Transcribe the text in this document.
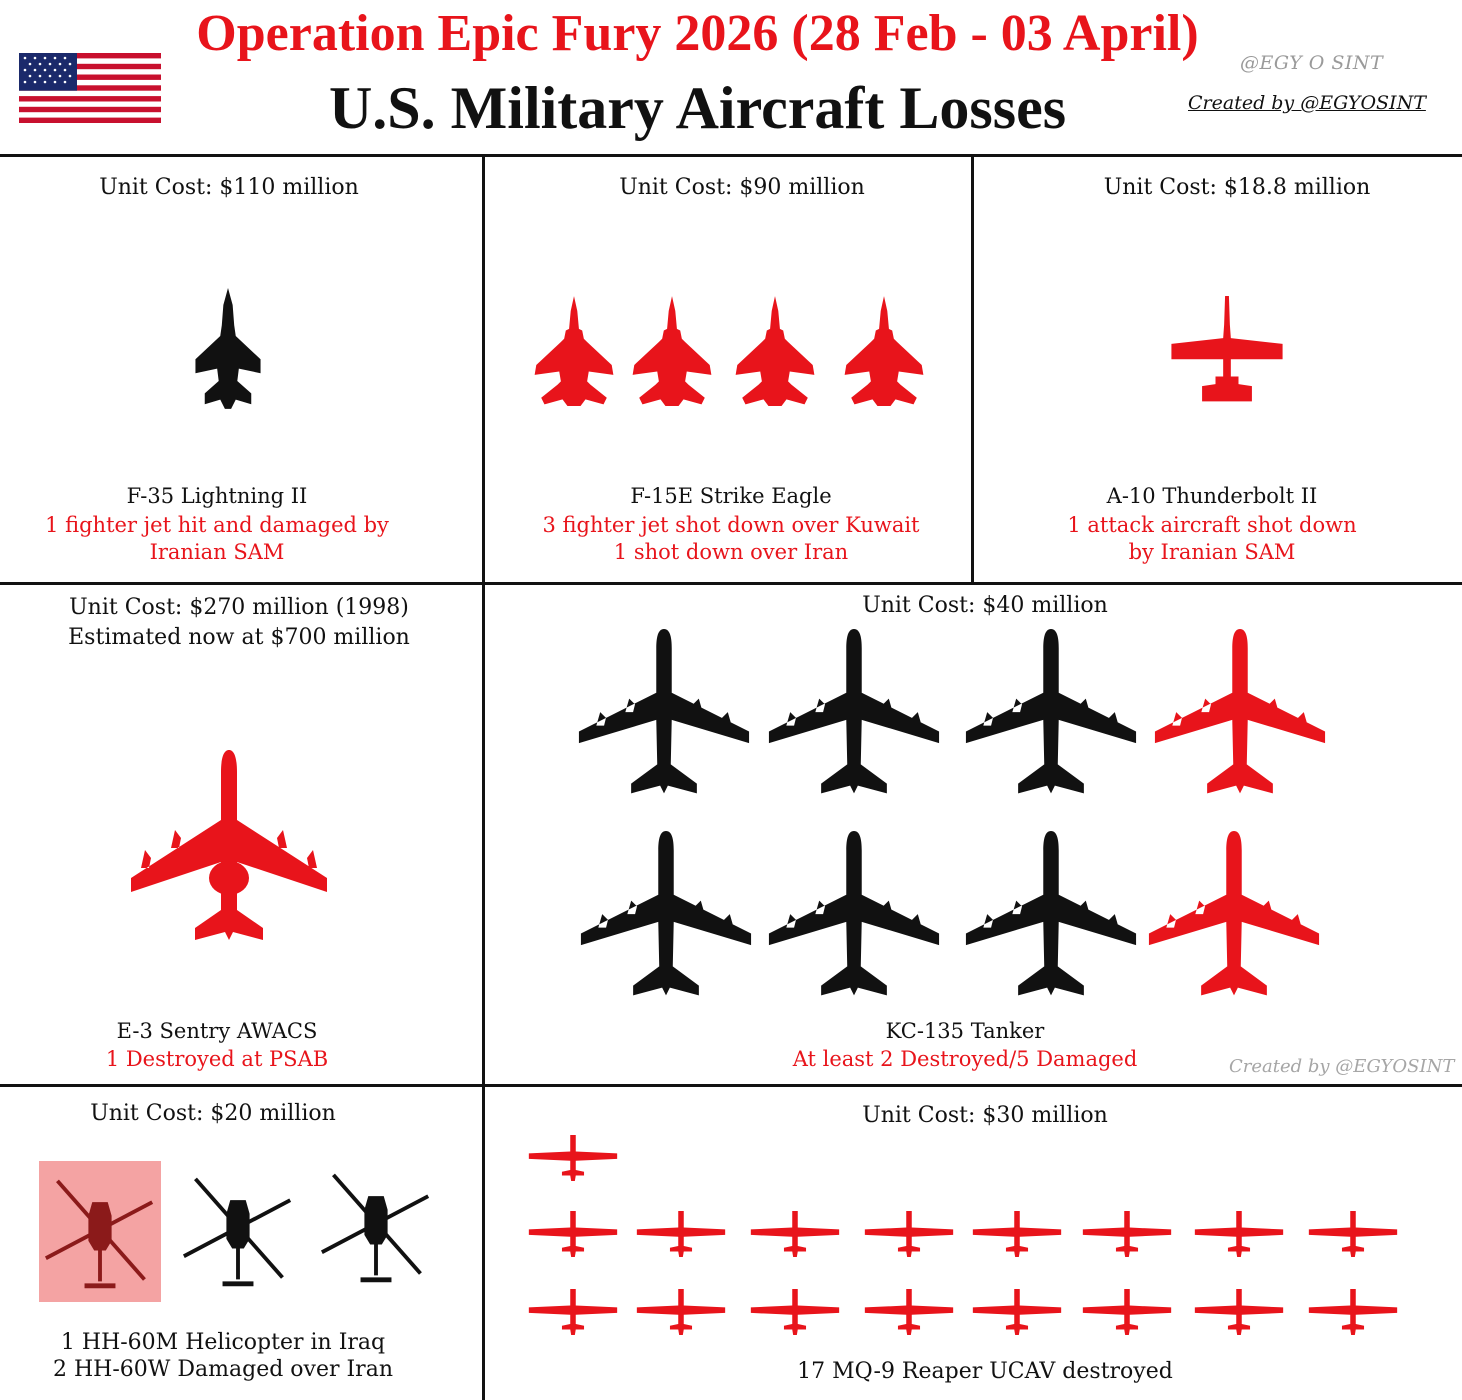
Operation Epic Fury 2026 (28 Feb - 03 April)
U.S. Military Aircraft Losses
@EGY O SINT
Created by @EGYOSINT
Unit Cost: $110 million
F-35 Lightning II
1 fighter jet hit and damaged by
Iranian SAM
Unit Cost: $90 million
F-15E Strike Eagle
3 fighter jet shot down over Kuwait
1 shot down over Iran
Unit Cost: $18.8 million
A-10 Thunderbolt II
1 attack aircraft shot down
by Iranian SAM
Unit Cost: $270 million (1998)
Estimated now at $700 million
E-3 Sentry AWACS
1 Destroyed at PSAB
Unit Cost: $40 million
KC-135 Tanker
At least 2 Destroyed/5 Damaged	Created by @EGYOSINT
Unit Cost: $20 million
1 HH-60M Helicopter in Iraq
2 HH-60W Damaged over Iran
Unit Cost: $30 million
17 MQ-9 Reaper UCAV destroyed
